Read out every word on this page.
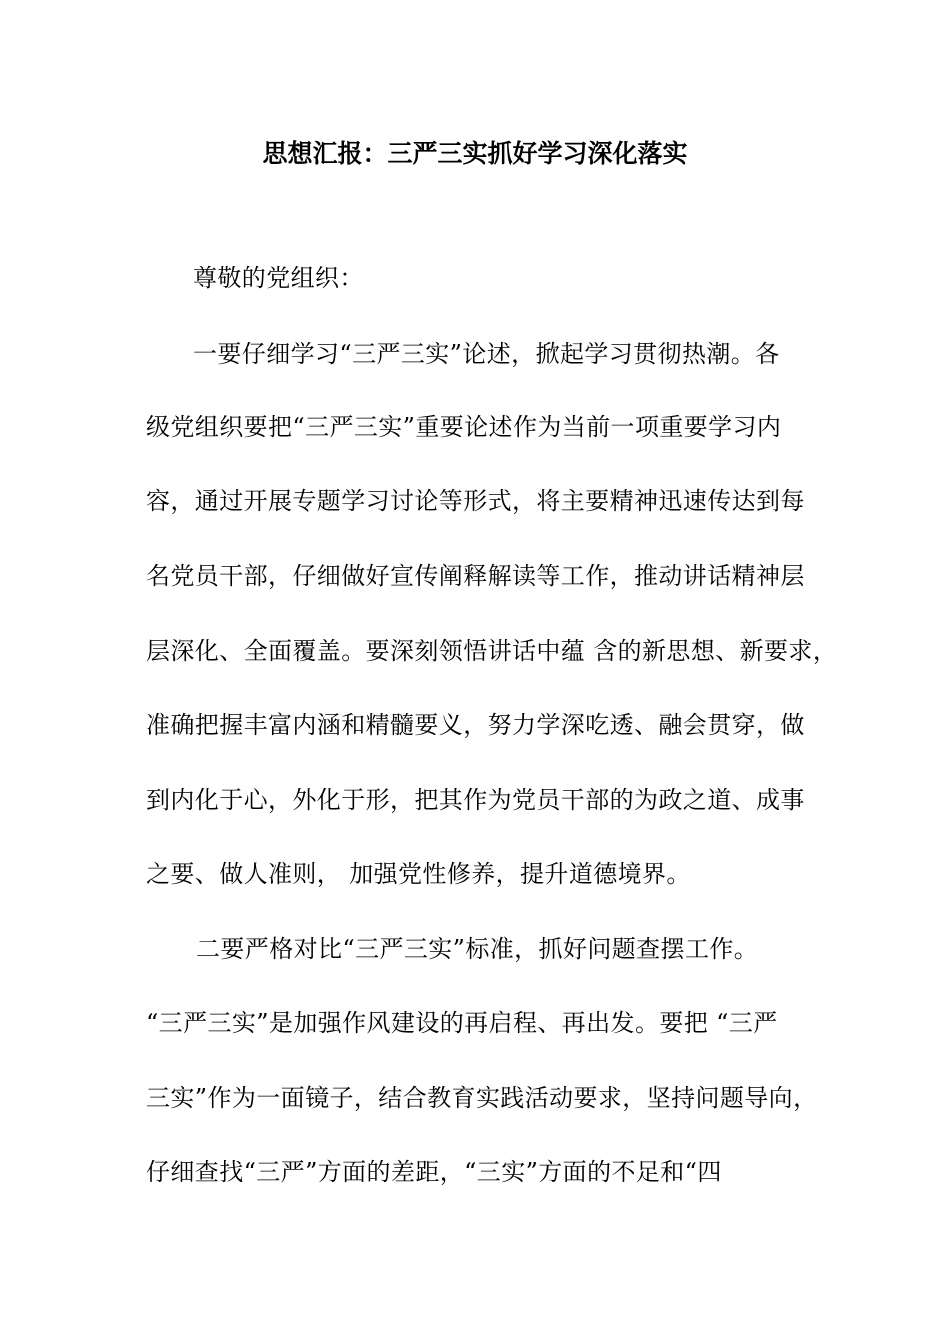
思想汇报：三严三实抓好学习深化落实
尊敬的党组织：
一要仔细学习“三严三实”论述，掀起学习贯彻热潮。各
级党组织要把“三严三实”重要论述作为当前一项重要学习内
容，通过开展专题学习讨论等形式，将主要精神迅速传达到每
名党员干部，仔细做好宣传阐释解读等工作，推动讲话精神层
层深化、全面覆盖。要深刻领悟讲话中蕴 含的新思想、新要求，
准确把握丰富内涵和精髓要义，努力学深吃透、融会贯穿，做
到内化于心，外化于形，把其作为党员干部的为政之道、成事
之要、做人准则， 加强党性修养，提升道德境界。
二要严格对比“三严三实”标准，抓好问题查摆工作。
“三严三实”是加强作风建设的再启程、再出发。要把 “三严
三实”作为一面镜子，结合教育实践活动要求，坚持问题导向，
仔细查找“三严”方面的差距，“三实”方面的不足和“四
